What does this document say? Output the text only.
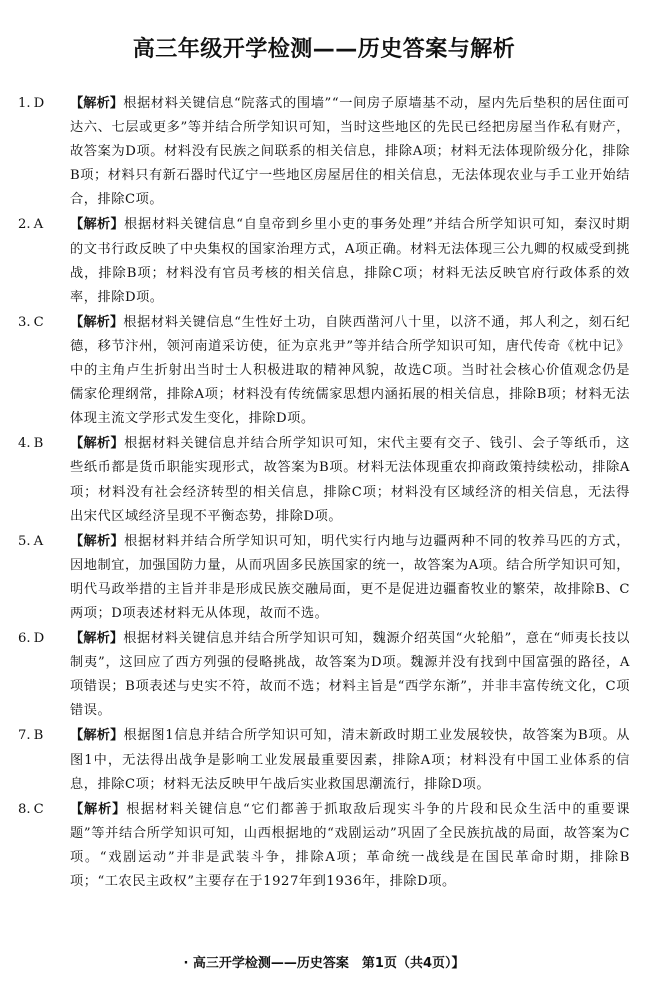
高三年级开学检测——历史答案与解析
1. D	【解析】根据材料关键信息“院落式的围墙”“一间房子原墙基不动，屋内先后垫积的居住面可达六、七层或更多”等并结合所学知识可知，当时这些地区的先民已经把房屋当作私有财产，故答案为D项。材料没有民族之间联系的相关信息，排除A项；材料无法体现阶级分化，排除B项；材料只有新石器时代辽宁一些地区房屋居住的相关信息，无法体现农业与手工业开始结合，排除C项。
2. A	【解析】根据材料关键信息“自皇帝到乡里小吏的事务处理”并结合所学知识可知，秦汉时期的文书行政反映了中央集权的国家治理方式，A项正确。材料无法体现三公九卿的权威受到挑战，排除B项；材料没有官员考核的相关信息，排除C项；材料无法反映官府行政体系的效率，排除D项。
3. C	【解析】根据材料关键信息“生性好土功，自陕西凿河八十里，以济不通，邦人利之，刻石纪德，移节汴州，领河南道采访使，征为京兆尹”等并结合所学知识可知，唐代传奇《枕中记》中的主角卢生折射出当时士人积极进取的精神风貌，故选C项。当时社会核心价值观念仍是儒家伦理纲常，排除A项；材料没有传统儒家思想内涵拓展的相关信息，排除B项；材料无法体现主流文学形式发生变化，排除D项。
4. B	【解析】根据材料关键信息并结合所学知识可知，宋代主要有交子、钱引、会子等纸币，这些纸币都是货币职能实现形式，故答案为B项。材料无法体现重农抑商政策持续松动，排除A项；材料没有社会经济转型的相关信息，排除C项；材料没有区域经济的相关信息，无法得出宋代区域经济呈现不平衡态势，排除D项。
5. A	【解析】根据材料并结合所学知识可知，明代实行内地与边疆两种不同的牧养马匹的方式，因地制宜，加强国防力量，从而巩固多民族国家的统一，故答案为A项。结合所学知识可知，明代马政举措的主旨并非是形成民族交融局面，更不是促进边疆畜牧业的繁荣，故排除B、C两项；D项表述材料无从体现，故而不选。
6. D	【解析】根据材料关键信息并结合所学知识可知，魏源介绍英国“火轮船”，意在“师夷长技以制夷”，这回应了西方列强的侵略挑战，故答案为D项。魏源并没有找到中国富强的路径，A项错误；B项表述与史实不符，故而不选；材料主旨是“西学东渐”，并非丰富传统文化，C项错误。
7. B	【解析】根据图1信息并结合所学知识可知，清末新政时期工业发展较快，故答案为B项。从图1中，无法得出战争是影响工业发展最重要因素，排除A项；材料没有中国工业体系的信息，排除C项；材料无法反映甲午战后实业救国思潮流行，排除D项。
8. C	【解析】根据材料关键信息“它们都善于抓取敌后现实斗争的片段和民众生活中的重要课题”等并结合所学知识可知，山西根据地的“戏剧运动”巩固了全民族抗战的局面，故答案为C项。“戏剧运动”并非是武装斗争，排除A项；革命统一战线是在国民革命时期，排除B项；“工农民主政权”主要存在于1927年到1936年，排除D项。
· 高三开学检测——历史答案　第1页（共4页）】
